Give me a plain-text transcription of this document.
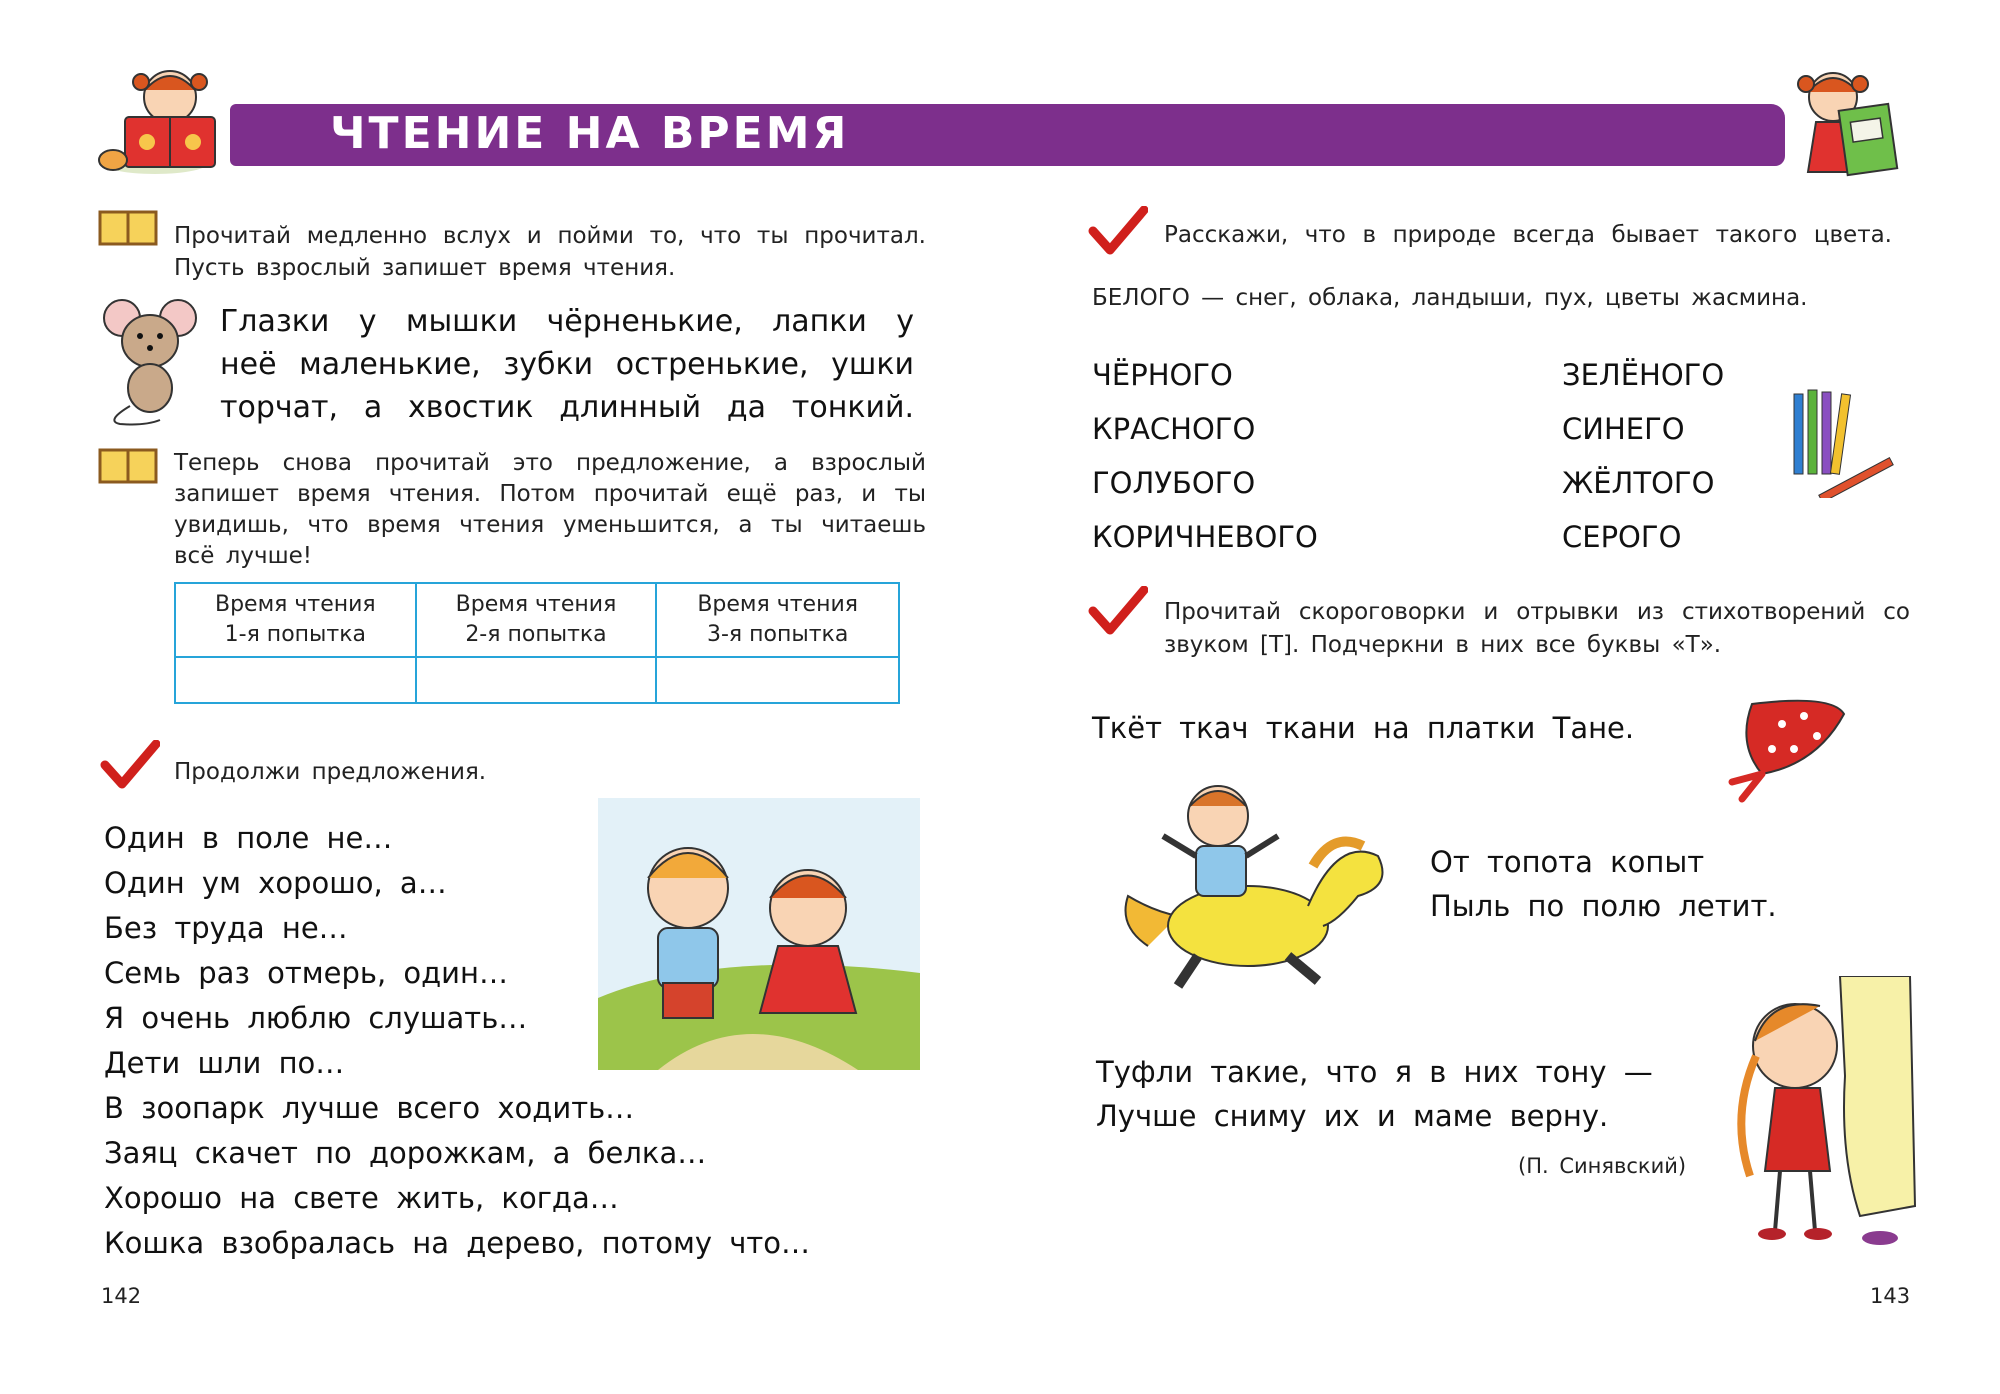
ЧТЕНИЕ НА ВРЕМЯ
Прочитай медленно вслух и пойми то, что ты прочитал. Пусть взрослый запишет время чтения.
Глазки у мышки чёрненькие, лапки у неё маленькие, зубки остренькие, ушки торчат, а хвостик длинный да тонкий.
Теперь снова прочитай это предложение, а взрослый запишет время чтения. Потом прочитай ещё раз, и ты увидишь, что время чтения уменьшится, а ты читаешь всё лучше!
Время чтения
1-я попытка
Время чтения
2-я попытка
Время чтения
3-я попытка
Продолжи предложения.
Один в поле не…
Один ум хорошо, а…
Без труда не…
Семь раз отмерь, один…
Я очень люблю слушать…
Дети шли по…
В зоопарк лучше всего ходить…
Заяц скачет по дорожкам, а белка…
Хорошо на свете жить, когда…
Кошка взобралась на дерево, потому что…
142
Расскажи, что в природе всегда бывает такого цвета.
БЕЛОГО — снег, облака, ландыши, пух, цветы жасмина.
ЧЁРНОГО
КРАСНОГО
ГОЛУБОГО
КОРИЧНЕВОГО
ЗЕЛЁНОГО
СИНЕГО
ЖЁЛТОГО
СЕРОГО
Прочитай скороговорки и отрывки из стихотворений со звуком [Т]. Подчеркни в них все буквы «Т».
Ткёт ткач ткани на платки Тане.
От топота копыт
Пыль по полю летит.
Туфли такие, что я в них тону —
Лучше сниму их и маме верну.
(П. Синявский)
143
